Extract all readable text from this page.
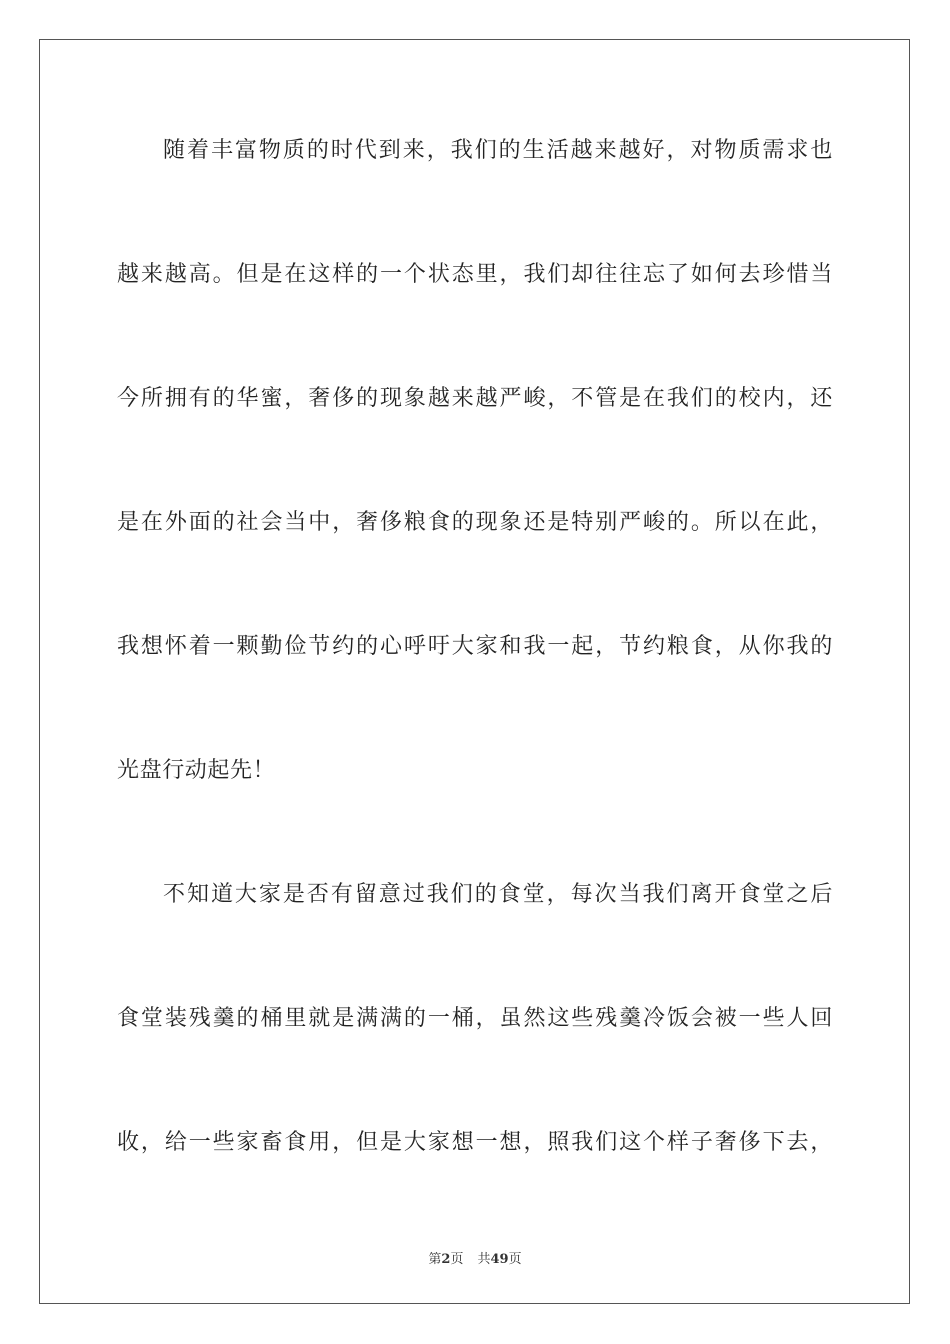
随着丰富物质的时代到来，我们的生活越来越好，对物质需求也
越来越高。但是在这样的一个状态里，我们却往往忘了如何去珍惜当
今所拥有的华蜜，奢侈的现象越来越严峻，不管是在我们的校内，还
是在外面的社会当中，奢侈粮食的现象还是特别严峻的。所以在此，
我想怀着一颗勤俭节约的心呼吁大家和我一起，节约粮食，从你我的
光盘行动起先！
不知道大家是否有留意过我们的食堂，每次当我们离开食堂之后
食堂装残羹的桶里就是满满的一桶，虽然这些残羹冷饭会被一些人回
收，给一些家畜食用，但是大家想一想，照我们这个样子奢侈下去，
第2页 共49页
